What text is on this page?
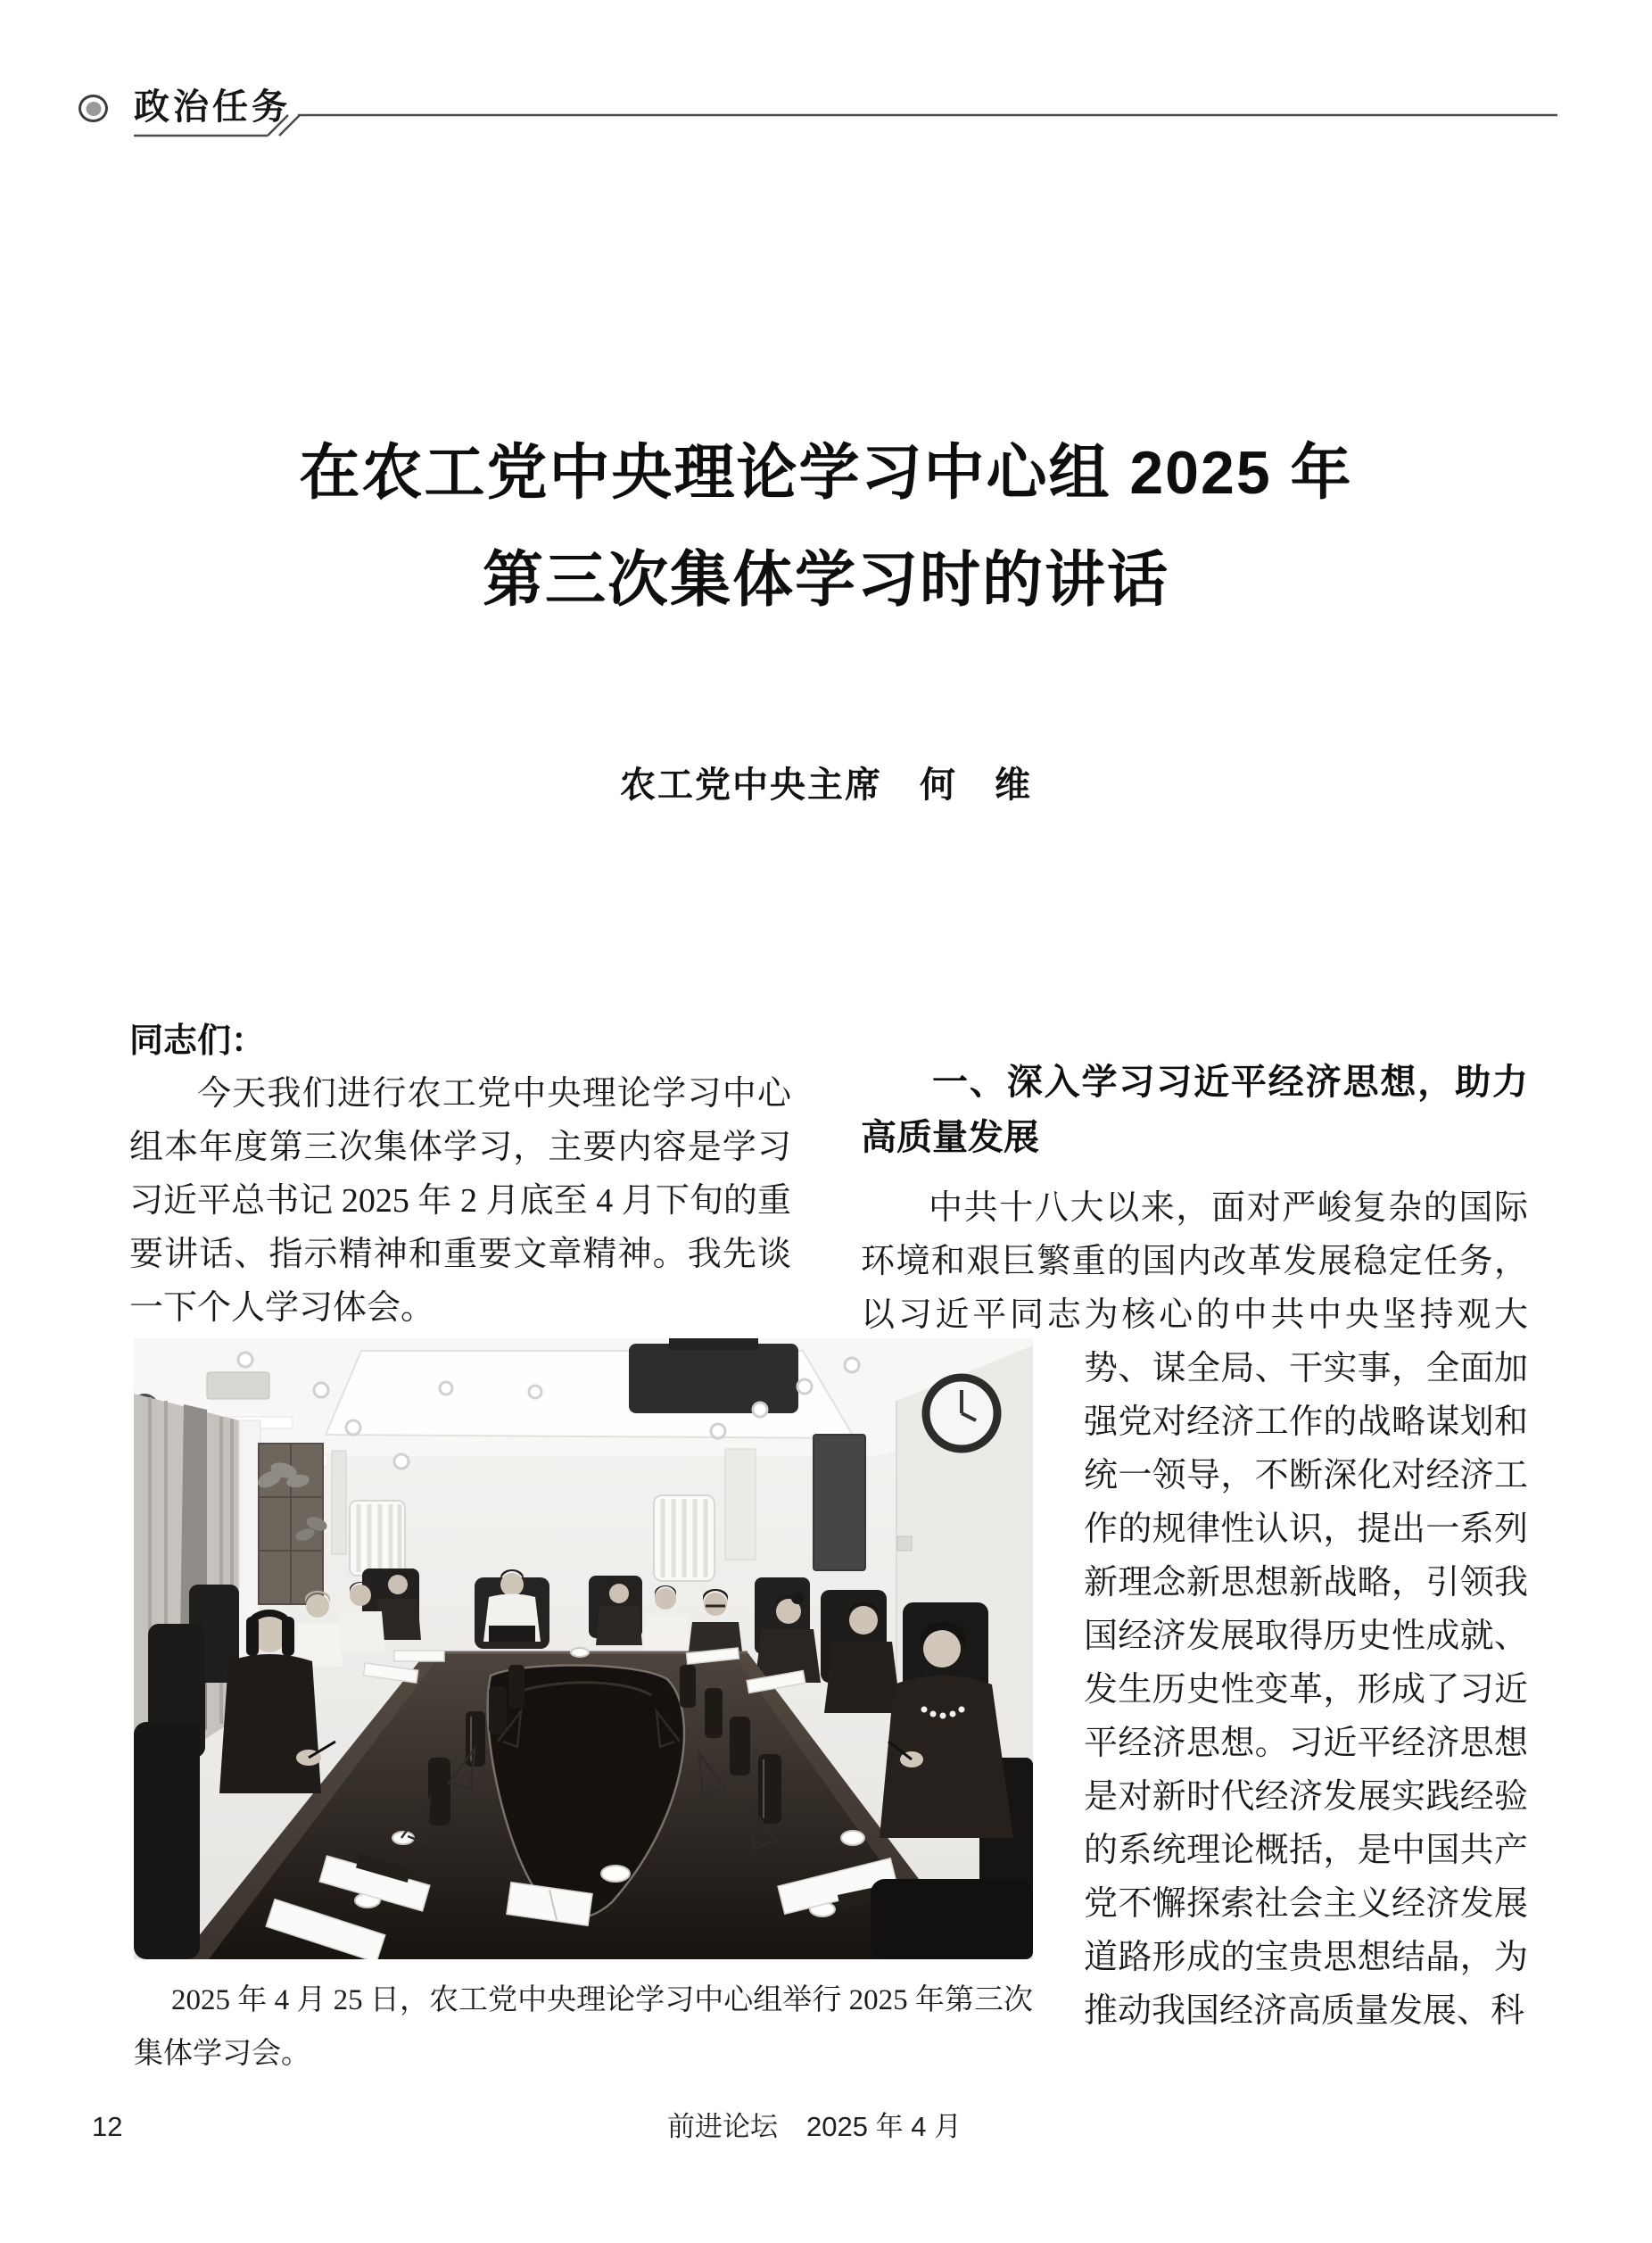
政治任务
在农工党中央理论学习中心组 2025 年
第三次集体学习时的讲话
农工党中央主席　何　维

同志们：

今天我们进行农工党中央理论学习中心组本年度第三次集体学习，主要内容是学习习近平总书记 2025 年 2 月底至 4 月下旬的重要讲话、指示精神和重要文章精神。我先谈一下个人学习体会。

一、深入学习习近平经济思想，助力高质量发展

中共十八大以来，面对严峻复杂的国际环境和艰巨繁重的国内改革发展稳定任务，以习近平同志为核心的中共中央坚持观大势、谋全局、干实事，全面加强党对经济工作的战略谋划和统一领导，不断深化对经济工作的规律性认识，提出一系列新理念新思想新战略，引领我国经济发展取得历史性成就、发生历史性变革，形成了习近平经济思想。习近平经济思想是对新时代经济发展实践经验的系统理论概括，是中国共产党不懈探索社会主义经济发展道路形成的宝贵思想结晶，为推动我国经济高质量发展、科

2025 年 4 月 25 日，农工党中央理论学习中心组举行 2025 年第三次集体学习会。
12	前进论坛 2025 年 4 月
